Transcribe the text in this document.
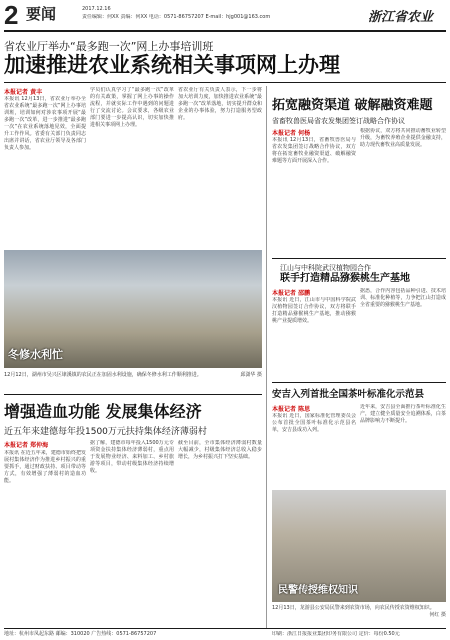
2 要闻	2017.12.16
责任编辑：何XX 责编：何XX 电话：0571-86757207 E-mail：hjg001@163.com	浙江省农业
省农业厅举办“最多跑一次”网上办事培训班
加速推进农业系统相关事项网上办理
本报记者 黄丰
本报讯 12月13日，省农业厅举办全省农业系统“最多跑一次”网上办事培训班，培训如何对涉农事项开展“最多跑一次”改革，进一步推进“最多跑一次”在农业系统落地见效，全面提升工作作风。省委有关部门负责同志出席并讲话，省农业厅领导及各部门负责人参加。
学员们认真学习了“最多跑一次”改革的有关政策，掌握了网上办事的操作流程，并就实际工作中遇到的问题进行了交流讨论。会议要求，各级农业部门要进一步提高认识，切实加快推进相关事项网上办理。
省农业厅有关负责人表示，下一步将加大培训力度，加快推进农业系统“最多跑一次”改革落地，切实提升群众和企业的办事体验，努力打造服务型政府。
冬修水利忙
12月12日，湖州市吴兴区埭溪镇的农民正在加固水利设施，确保冬修水利工作顺利推进。	邱潇华 摄
增强造血功能 发展集体经济
近五年来建德每年投1500万元扶持集体经济薄弱村
本报记者 郑仲海
本报讯 在近五年来，建德市始终把发展村集体经济作为推进乡村振兴的重要抓手，通过财政扶持、项目带动等方式，有效增强了薄弱村的造血功能。
据了解，建德市每年投入1500万元专项资金扶持集体经济薄弱村，重点用于发展物业经济、来料加工、乡村旅游等项目，带动村级集体经济持续增收。
截至目前，全市集体经济薄弱村数量大幅减少，村级集体经济总收入稳步增长，为乡村振兴打下坚实基础。
拓宽融资渠道 破解融资难题
省畜牧兽医局省农发集团签订战略合作协议
本报记者 何杨
本报讯 12月13日，省畜牧兽医局与省农发集团签订战略合作协议，双方将在拓宽畜牧业融资渠道、破解融资难题等方面开展深入合作。
根据协议，双方将共同推动畜牧业转型升级，为畜牧养殖企业提供金融支持，助力现代畜牧业高质量发展。
江山与中科院武汉植物园合作
联手打造精品猕猴桃生产基地
本报记者 邵鹏
本报讯 近日，江山市与中国科学院武汉植物园签订合作协议，双方将联手打造精品猕猴桃生产基地，推动猕猴桃产业提质增效。
据悉，合作内容包括品种引进、技术培训、标准化种植等，力争把江山打造成全省重要的猕猴桃生产基地。
安吉入列首批全国茶叶标准化示范县
本报记者 陈思
本报讯 近日，国家标准化管理委员会公布首批全国茶叶标准化示范县名单，安吉县成功入列。
近年来，安吉县全面推行茶叶标准化生产，建立健全质量安全追溯体系，白茶品牌影响力不断提升。
民警传授维权知识
12月13日，龙游县公安局民警来到农资市场，向农民传授农资维权知识。
何红 摄
地址：杭州市凤起东路 邮编：310020 广告热线：0571-86757207	印刷：浙江日报报业集团印务有限公司 定价：每份0.50元
